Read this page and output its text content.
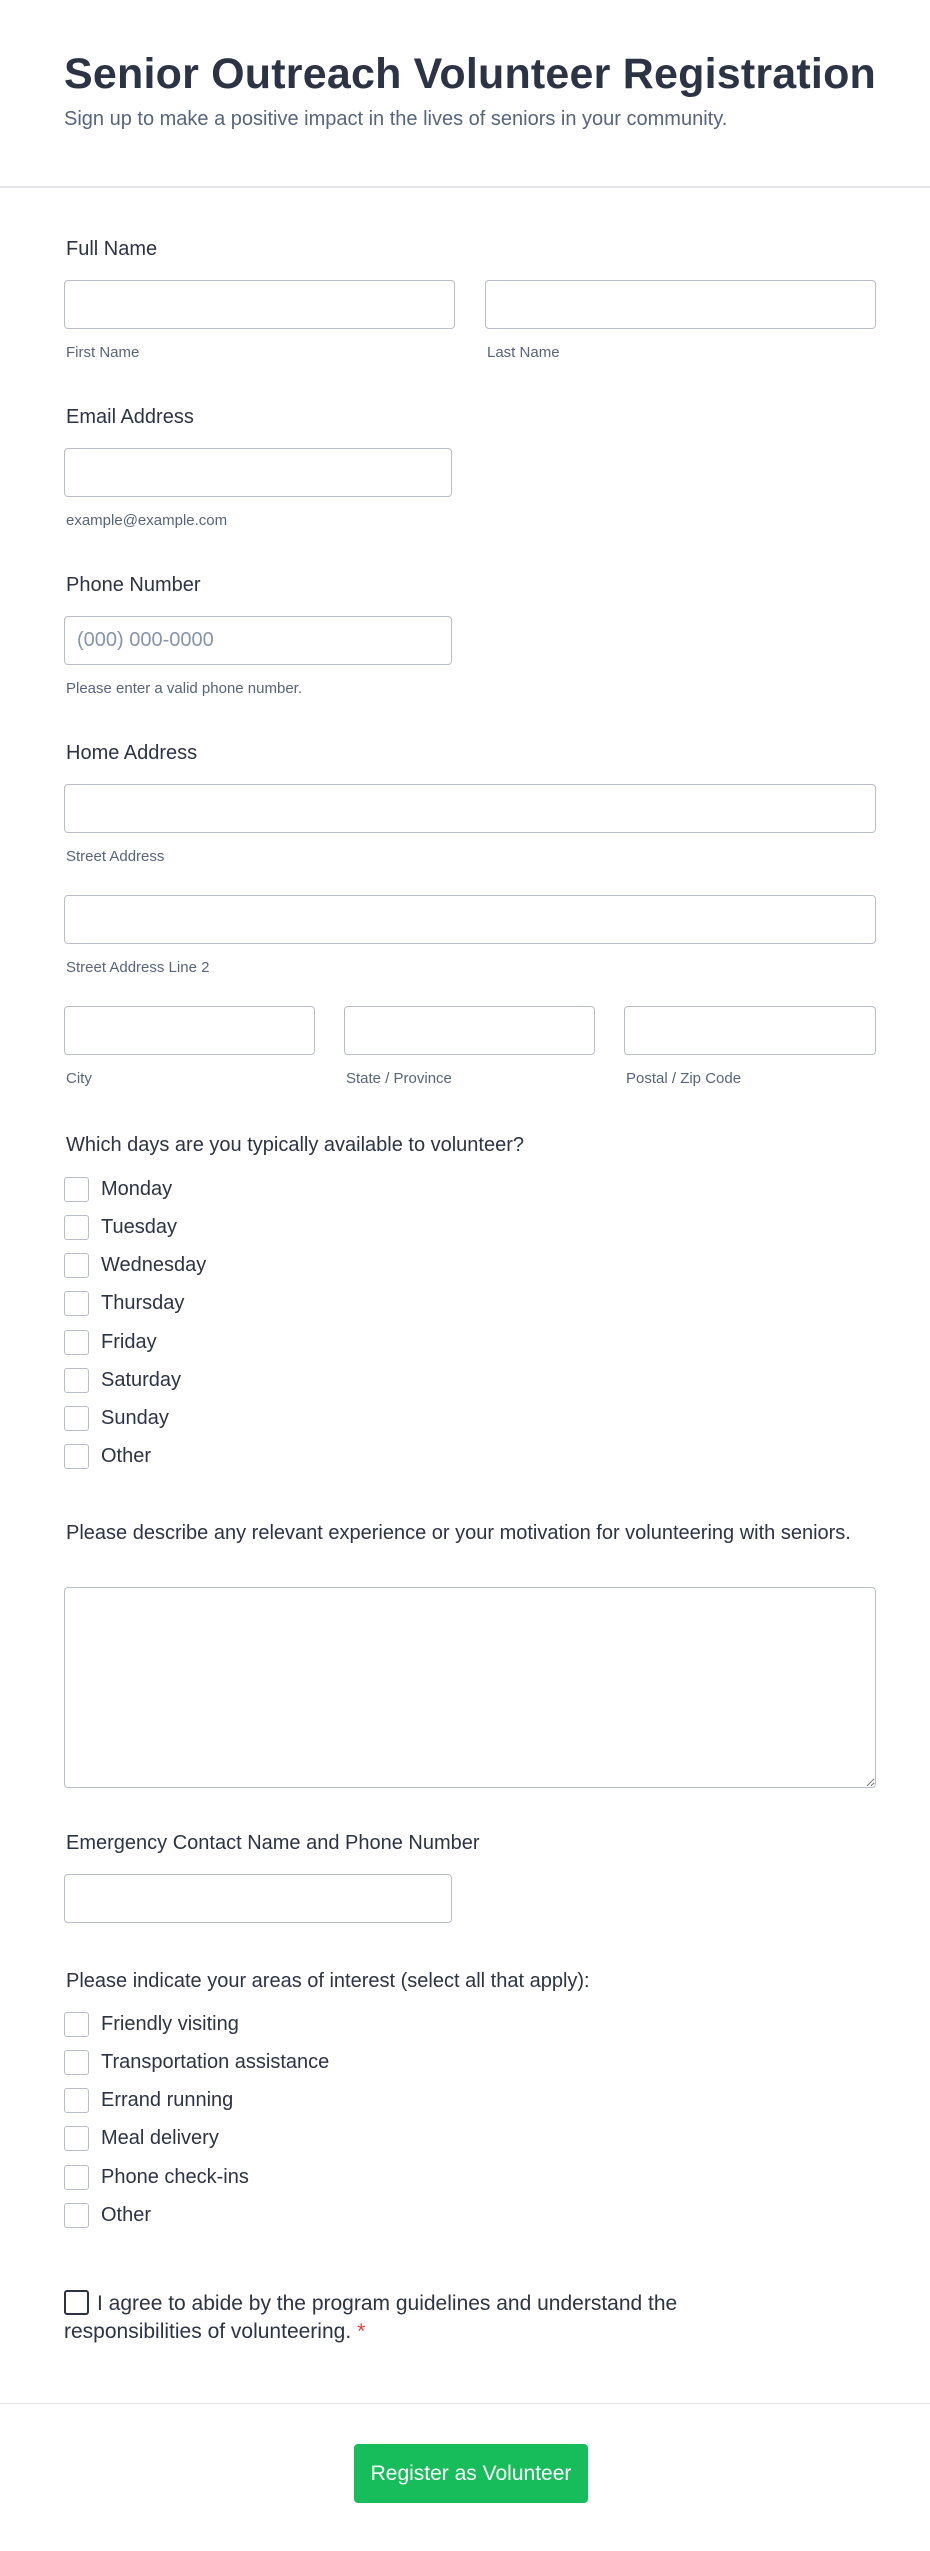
Senior Outreach Volunteer Registration
Sign up to make a positive impact in the lives of seniors in your community.
Full Name
First Name	Last Name
Email Address
example@example.com
Phone Number
(000) 000-0000
Please enter a valid phone number.
Home Address
Street Address
Street Address Line 2
City	State / Province	Postal / Zip Code
Which days are you typically available to volunteer?
Monday
Tuesday
Wednesday
Thursday
Friday
Saturday
Sunday
Other
Please describe any relevant experience or your motivation for volunteering with seniors.
Emergency Contact Name and Phone Number
Please indicate your areas of interest (select all that apply):
Friendly visiting
Transportation assistance
Errand running
Meal delivery
Phone check-ins
Other
I agree to abide by the program guidelines and understand the responsibilities of volunteering. *
Register as Volunteer
